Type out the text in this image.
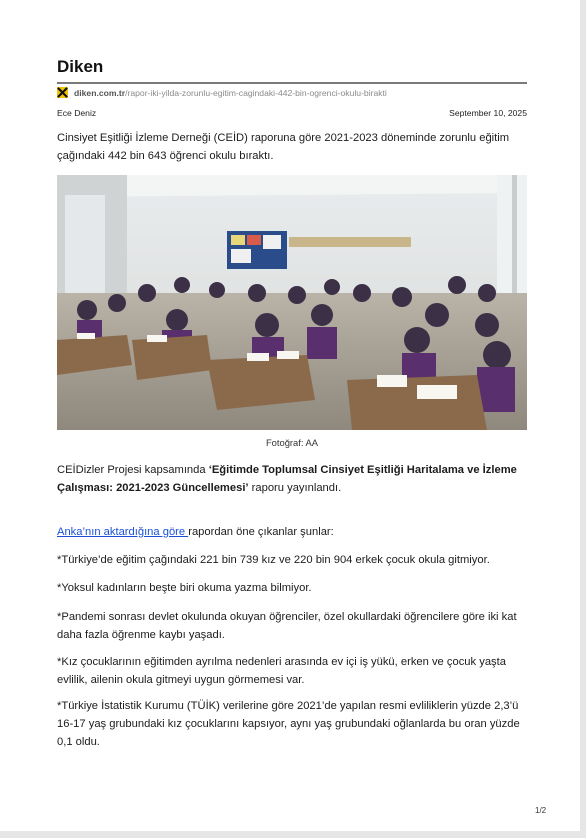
Diken
diken.com.tr /rapor-iki-yilda-zorunlu-egitim-cagindaki-442-bin-ogrenci-okulu-birakti
Ece Deniz	September 10, 2025
Cinsiyet Eşitliği İzleme Derneği (CEİD) raporuna göre 2021-2023 döneminde zorunlu eğitim çağındaki 442 bin 643 öğrenci okulu bıraktı.
Fotoğraf: AA
CEİDizler Projesi kapsamında ‘Eğitimde Toplumsal Cinsiyet Eşitliği Haritalama ve İzleme Çalışması: 2021-2023 Güncellemesi’ raporu yayınlandı.
Anka’nın aktardığına göre rapordan öne çıkanlar şunlar:
*Türkiye’de eğitim çağındaki 221 bin 739 kız ve 220 bin 904 erkek çocuk okula gitmiyor.
*Yoksul kadınların beşte biri okuma yazma bilmiyor.
*Pandemi sonrası devlet okulunda okuyan öğrenciler, özel okullardaki öğrencilere göre iki kat daha fazla öğrenme kaybı yaşadı.
*Kız çocuklarının eğitimden ayrılma nedenleri arasında ev içi iş yükü, erken ve çocuk yaşta evlilik, ailenin okula gitmeyi uygun görmemesi var.
*Türkiye İstatistik Kurumu (TÜİK) verilerine göre 2021’de yapılan resmi evliliklerin yüzde 2,3’ü 16-17 yaş grubundaki kız çocuklarını kapsıyor, aynı yaş grubundaki oğlanlarda bu oran yüzde 0,1 oldu.
1/2
